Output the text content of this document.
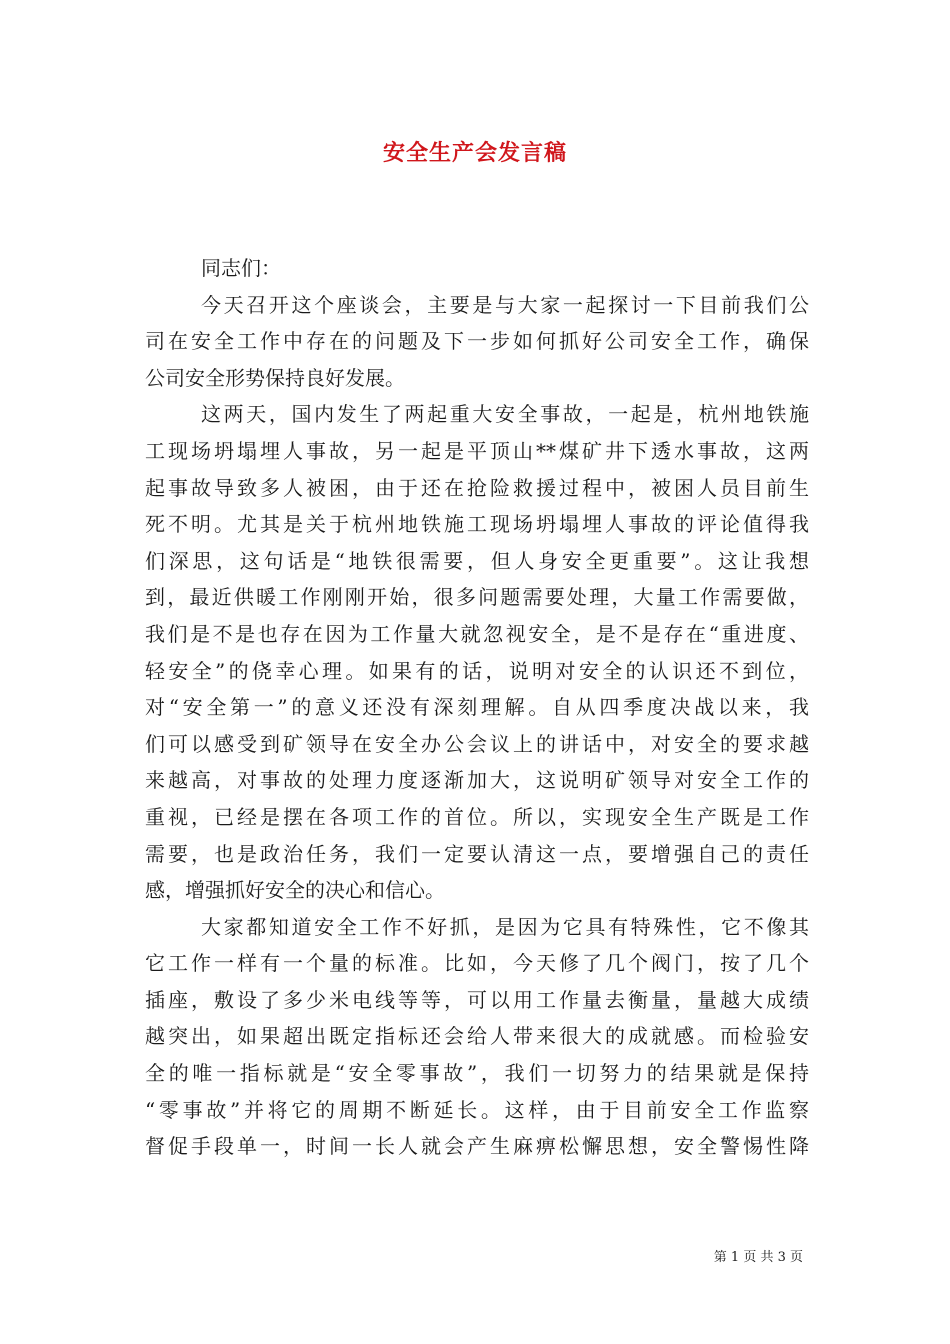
安全生产会发言稿
同志们：
今天召开这个座谈会，主要是与大家一起探讨一下目前我们公
司在安全工作中存在的问题及下一步如何抓好公司安全工作，确保
公司安全形势保持良好发展。
这两天，国内发生了两起重大安全事故，一起是，杭州地铁施
工现场坍塌埋人事故，另一起是平顶山**煤矿井下透水事故，这两
起事故导致多人被困，由于还在抢险救援过程中，被困人员目前生
死不明。尤其是关于杭州地铁施工现场坍塌埋人事故的评论值得我
们深思，这句话是“地铁很需要，但人身安全更重要”。这让我想
到，最近供暖工作刚刚开始，很多问题需要处理，大量工作需要做，
我们是不是也存在因为工作量大就忽视安全，是不是存在“重进度、
轻安全”的侥幸心理。如果有的话，说明对安全的认识还不到位，
对“安全第一”的意义还没有深刻理解。自从四季度决战以来，我
们可以感受到矿领导在安全办公会议上的讲话中，对安全的要求越
来越高，对事故的处理力度逐渐加大，这说明矿领导对安全工作的
重视，已经是摆在各项工作的首位。所以，实现安全生产既是工作
需要，也是政治任务，我们一定要认清这一点，要增强自己的责任
感，增强抓好安全的决心和信心。
大家都知道安全工作不好抓，是因为它具有特殊性，它不像其
它工作一样有一个量的标准。比如，今天修了几个阀门，按了几个
插座，敷设了多少米电线等等，可以用工作量去衡量，量越大成绩
越突出，如果超出既定指标还会给人带来很大的成就感。而检验安
全的唯一指标就是“安全零事故”，我们一切努力的结果就是保持
“零事故”并将它的周期不断延长。这样，由于目前安全工作监察
督促手段单一，时间一长人就会产生麻痹松懈思想，安全警惕性降
第 1 页 共 3 页
